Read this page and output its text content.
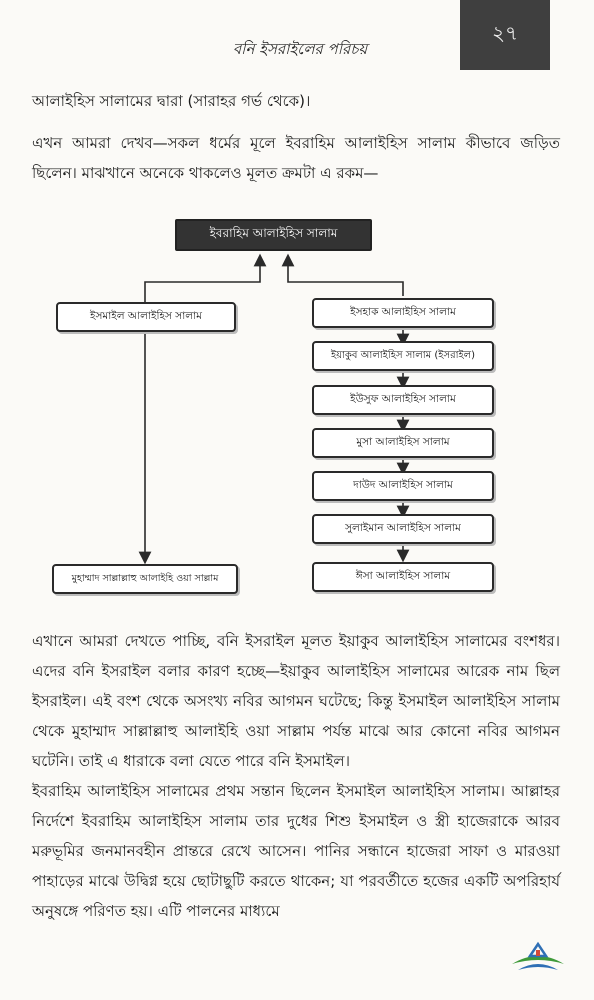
বনি ইসরাইলের পরিচয়
২৭

আলাইহিস সালামের দ্বারা (সারাহর গর্ভ থেকে)।

এখন আমরা দেখব—সকল ধর্মের মূলে ইবরাহিম আলাইহিস সালাম কীভাবে জড়িত ছিলেন। মাঝখানে অনেকে থাকলেও মূলত ক্রমটা এ রকম—

ইবরাহিম আলাইহিস সালাম
ইসমাইল আলাইহিস সালাম
মুহাম্মাদ সাল্লাল্লাহু আলাইহি ওয়া সাল্লাম
ইসহাক আলাইহিস সালাম
ইয়াকুব আলাইহিস সালাম (ইসরাইল)
ইউসুফ আলাইহিস সালাম
মুসা আলাইহিস সালাম
দাউদ আলাইহিস সালাম
সুলাইমান আলাইহিস সালাম
ঈসা আলাইহিস সালাম

এখানে আমরা দেখতে পাচ্ছি, বনি ইসরাইল মূলত ইয়াকুব আলাইহিস সালামের বংশধর। এদের বনি ইসরাইল বলার কারণ হচ্ছে—ইয়াকুব আলাইহিস সালামের আরেক নাম ছিল ইসরাইল। এই বংশ থেকে অসংখ্য নবির আগমন ঘটেছে; কিন্তু ইসমাইল আলাইহিস সালাম থেকে মুহাম্মাদ সাল্লাল্লাহু আলাইহি ওয়া সাল্লাম পর্যন্ত মাঝে আর কোনো নবির আগমন ঘটেনি। তাই এ ধারাকে বলা যেতে পারে বনি ইসমাইল।

ইবরাহিম আলাইহিস সালামের প্রথম সন্তান ছিলেন ইসমাইল আলাইহিস সালাম। আল্লাহর নির্দেশে ইবরাহিম আলাইহিস সালাম তার দুধের শিশু ইসমাইল ও স্ত্রী হাজেরাকে আরব মরুভূমির জনমানবহীন প্রান্তরে রেখে আসেন। পানির সন্ধানে হাজেরা সাফা ও মারওয়া পাহাড়ের মাঝে উদ্বিগ্ন হয়ে ছোটাছুটি করতে থাকেন; যা পরবর্তীতে হজের একটি অপরিহার্য অনুষঙ্গে পরিণত হয়। এটি পালনের মাধ্যমে
